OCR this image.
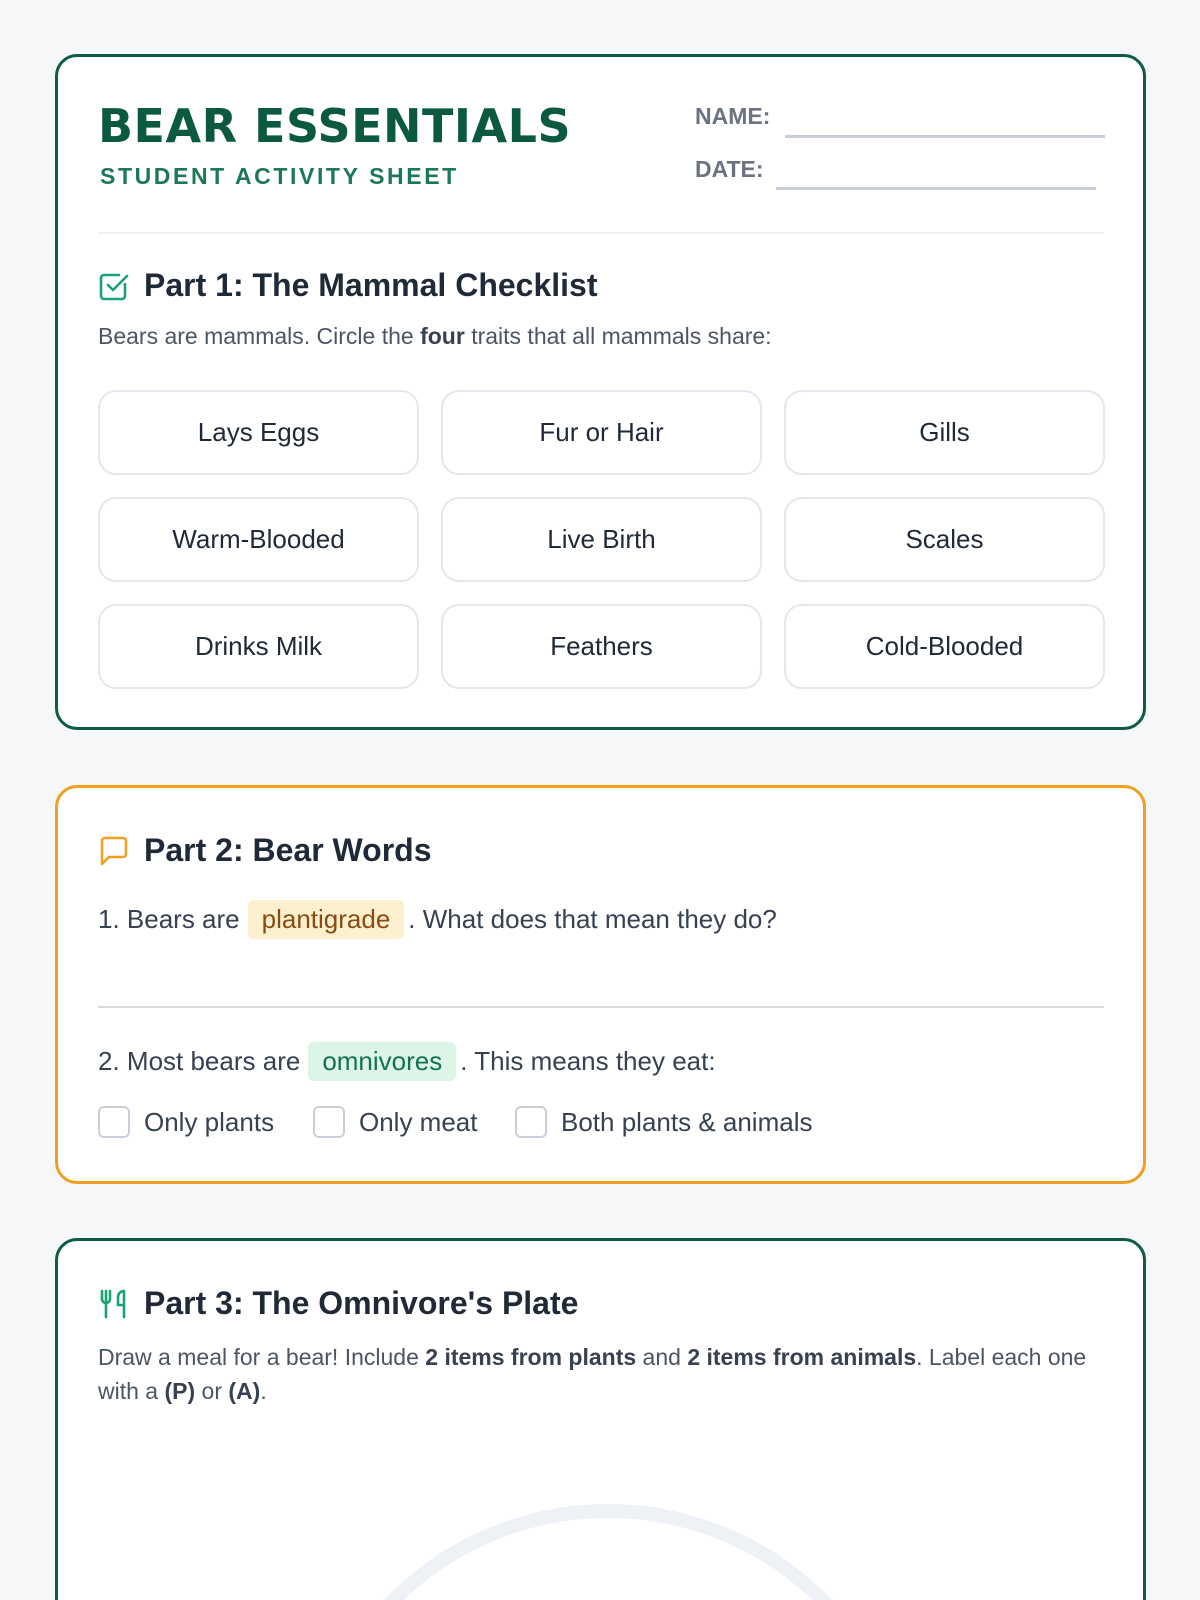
BEAR ESSENTIALS
STUDENT ACTIVITY SHEET
NAME:
DATE:
Part 1: The Mammal Checklist
Bears are mammals. Circle the four traits that all mammals share:
Lays Eggs	Fur or Hair	Gills
Warm-Blooded	Live Birth	Scales
Drinks Milk	Feathers	Cold-Blooded
Part 2: Bear Words
1. Bears are plantigrade . What does that mean they do?
2. Most bears are omnivores . This means they eat:
Only plants	Only meat	Both plants & animals
Part 3: The Omnivore's Plate
Draw a meal for a bear! Include 2 items from plants and 2 items from animals. Label each one with a (P) or (A).
